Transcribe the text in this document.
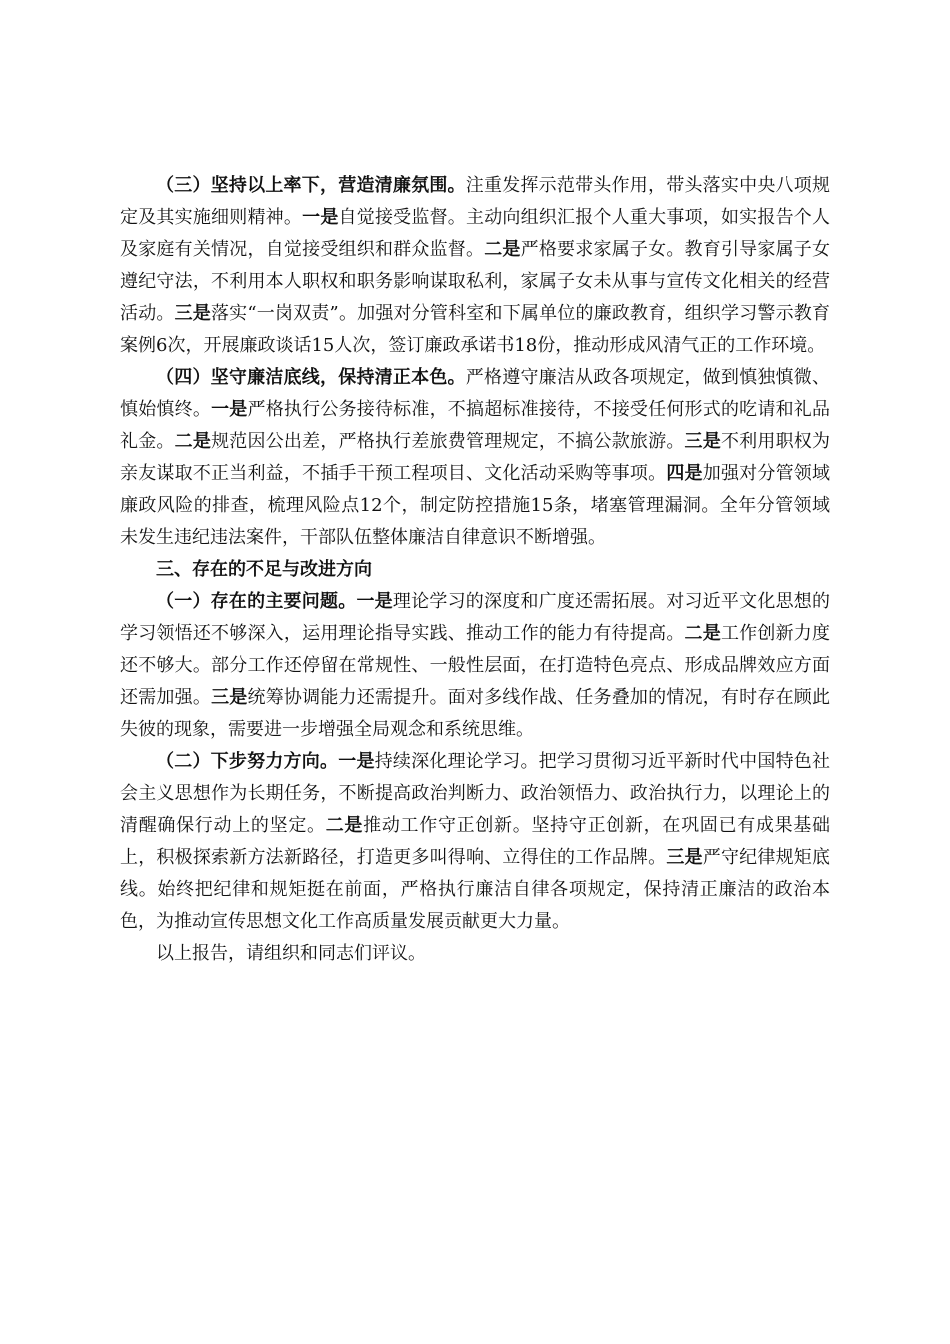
（三）坚持以上率下，营造清廉氛围。注重发挥示范带头作用，带头落实中央八项规定及其实施细则精神。一是自觉接受监督。主动向组织汇报个人重大事项，如实报告个人及家庭有关情况，自觉接受组织和群众监督。二是严格要求家属子女。教育引导家属子女遵纪守法，不利用本人职权和职务影响谋取私利，家属子女未从事与宣传文化相关的经营活动。三是落实“一岗双责”。加强对分管科室和下属单位的廉政教育，组织学习警示教育案例6次，开展廉政谈话15人次，签订廉政承诺书18份，推动形成风清气正的工作环境。

（四）坚守廉洁底线，保持清正本色。严格遵守廉洁从政各项规定，做到慎独慎微、慎始慎终。一是严格执行公务接待标准，不搞超标准接待，不接受任何形式的吃请和礼品礼金。二是规范因公出差，严格执行差旅费管理规定，不搞公款旅游。三是不利用职权为亲友谋取不正当利益，不插手干预工程项目、文化活动采购等事项。四是加强对分管领域廉政风险的排查，梳理风险点12个，制定防控措施15条，堵塞管理漏洞。全年分管领域未发生违纪违法案件，干部队伍整体廉洁自律意识不断增强。

三、存在的不足与改进方向

（一）存在的主要问题。一是理论学习的深度和广度还需拓展。对习近平文化思想的学习领悟还不够深入，运用理论指导实践、推动工作的能力有待提高。二是工作创新力度还不够大。部分工作还停留在常规性、一般性层面，在打造特色亮点、形成品牌效应方面还需加强。三是统筹协调能力还需提升。面对多线作战、任务叠加的情况，有时存在顾此失彼的现象，需要进一步增强全局观念和系统思维。

（二）下步努力方向。一是持续深化理论学习。把学习贯彻习近平新时代中国特色社会主义思想作为长期任务，不断提高政治判断力、政治领悟力、政治执行力，以理论上的清醒确保行动上的坚定。二是推动工作守正创新。坚持守正创新，在巩固已有成果基础上，积极探索新方法新路径，打造更多叫得响、立得住的工作品牌。三是严守纪律规矩底线。始终把纪律和规矩挺在前面，严格执行廉洁自律各项规定，保持清正廉洁的政治本色，为推动宣传思想文化工作高质量发展贡献更大力量。

以上报告，请组织和同志们评议。
